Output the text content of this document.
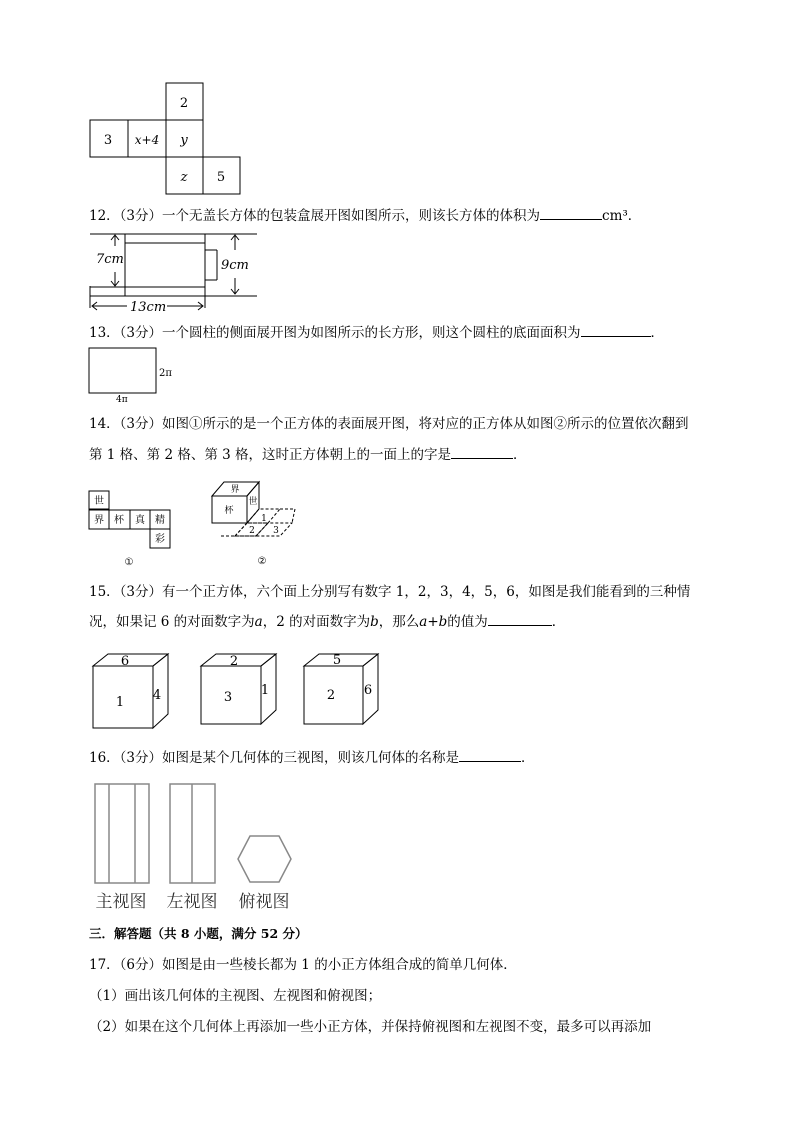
2
3 x+4 y
z 5
12．（3分）一个无盖长方体的包装盒展开图如图所示，则该长方体的体积为	cm³．
7cm	9cm
13cm
13．（3分）一个圆柱的侧面展开图为如图所示的长方形，则这个圆柱的底面面积为	．
2π
4π
14．（3分）如图①所示的是一个正方体的表面展开图，将对应的正方体从如图②所示的位置依次翻到
第 1 格、第 2 格、第 3 格，这时正方体朝上的一面上的字是	．
世
界 杯 真 精
彩
①
界
杯
世
1
2 3
②
15．（3分）有一个正方体，六个面上分别写有数字 1，2，3，4，5，6，如图是我们能看到的三种情
况，如果记 6 的对面数字为a，2 的对面数字为b，那么a+b的值为	．
6
1 4
2
3 1
5
2 6
16．（3分）如图是某个几何体的三视图，则该几何体的名称是	．
主视图 左视图 俯视图
三．解答题（共 8 小题，满分 52 分）
17．（6分）如图是由一些棱长都为 1 的小正方体组合成的简单几何体．
（1）画出该几何体的主视图、左视图和俯视图；
（2）如果在这个几何体上再添加一些小正方体，并保持俯视图和左视图不变，最多可以再添加
